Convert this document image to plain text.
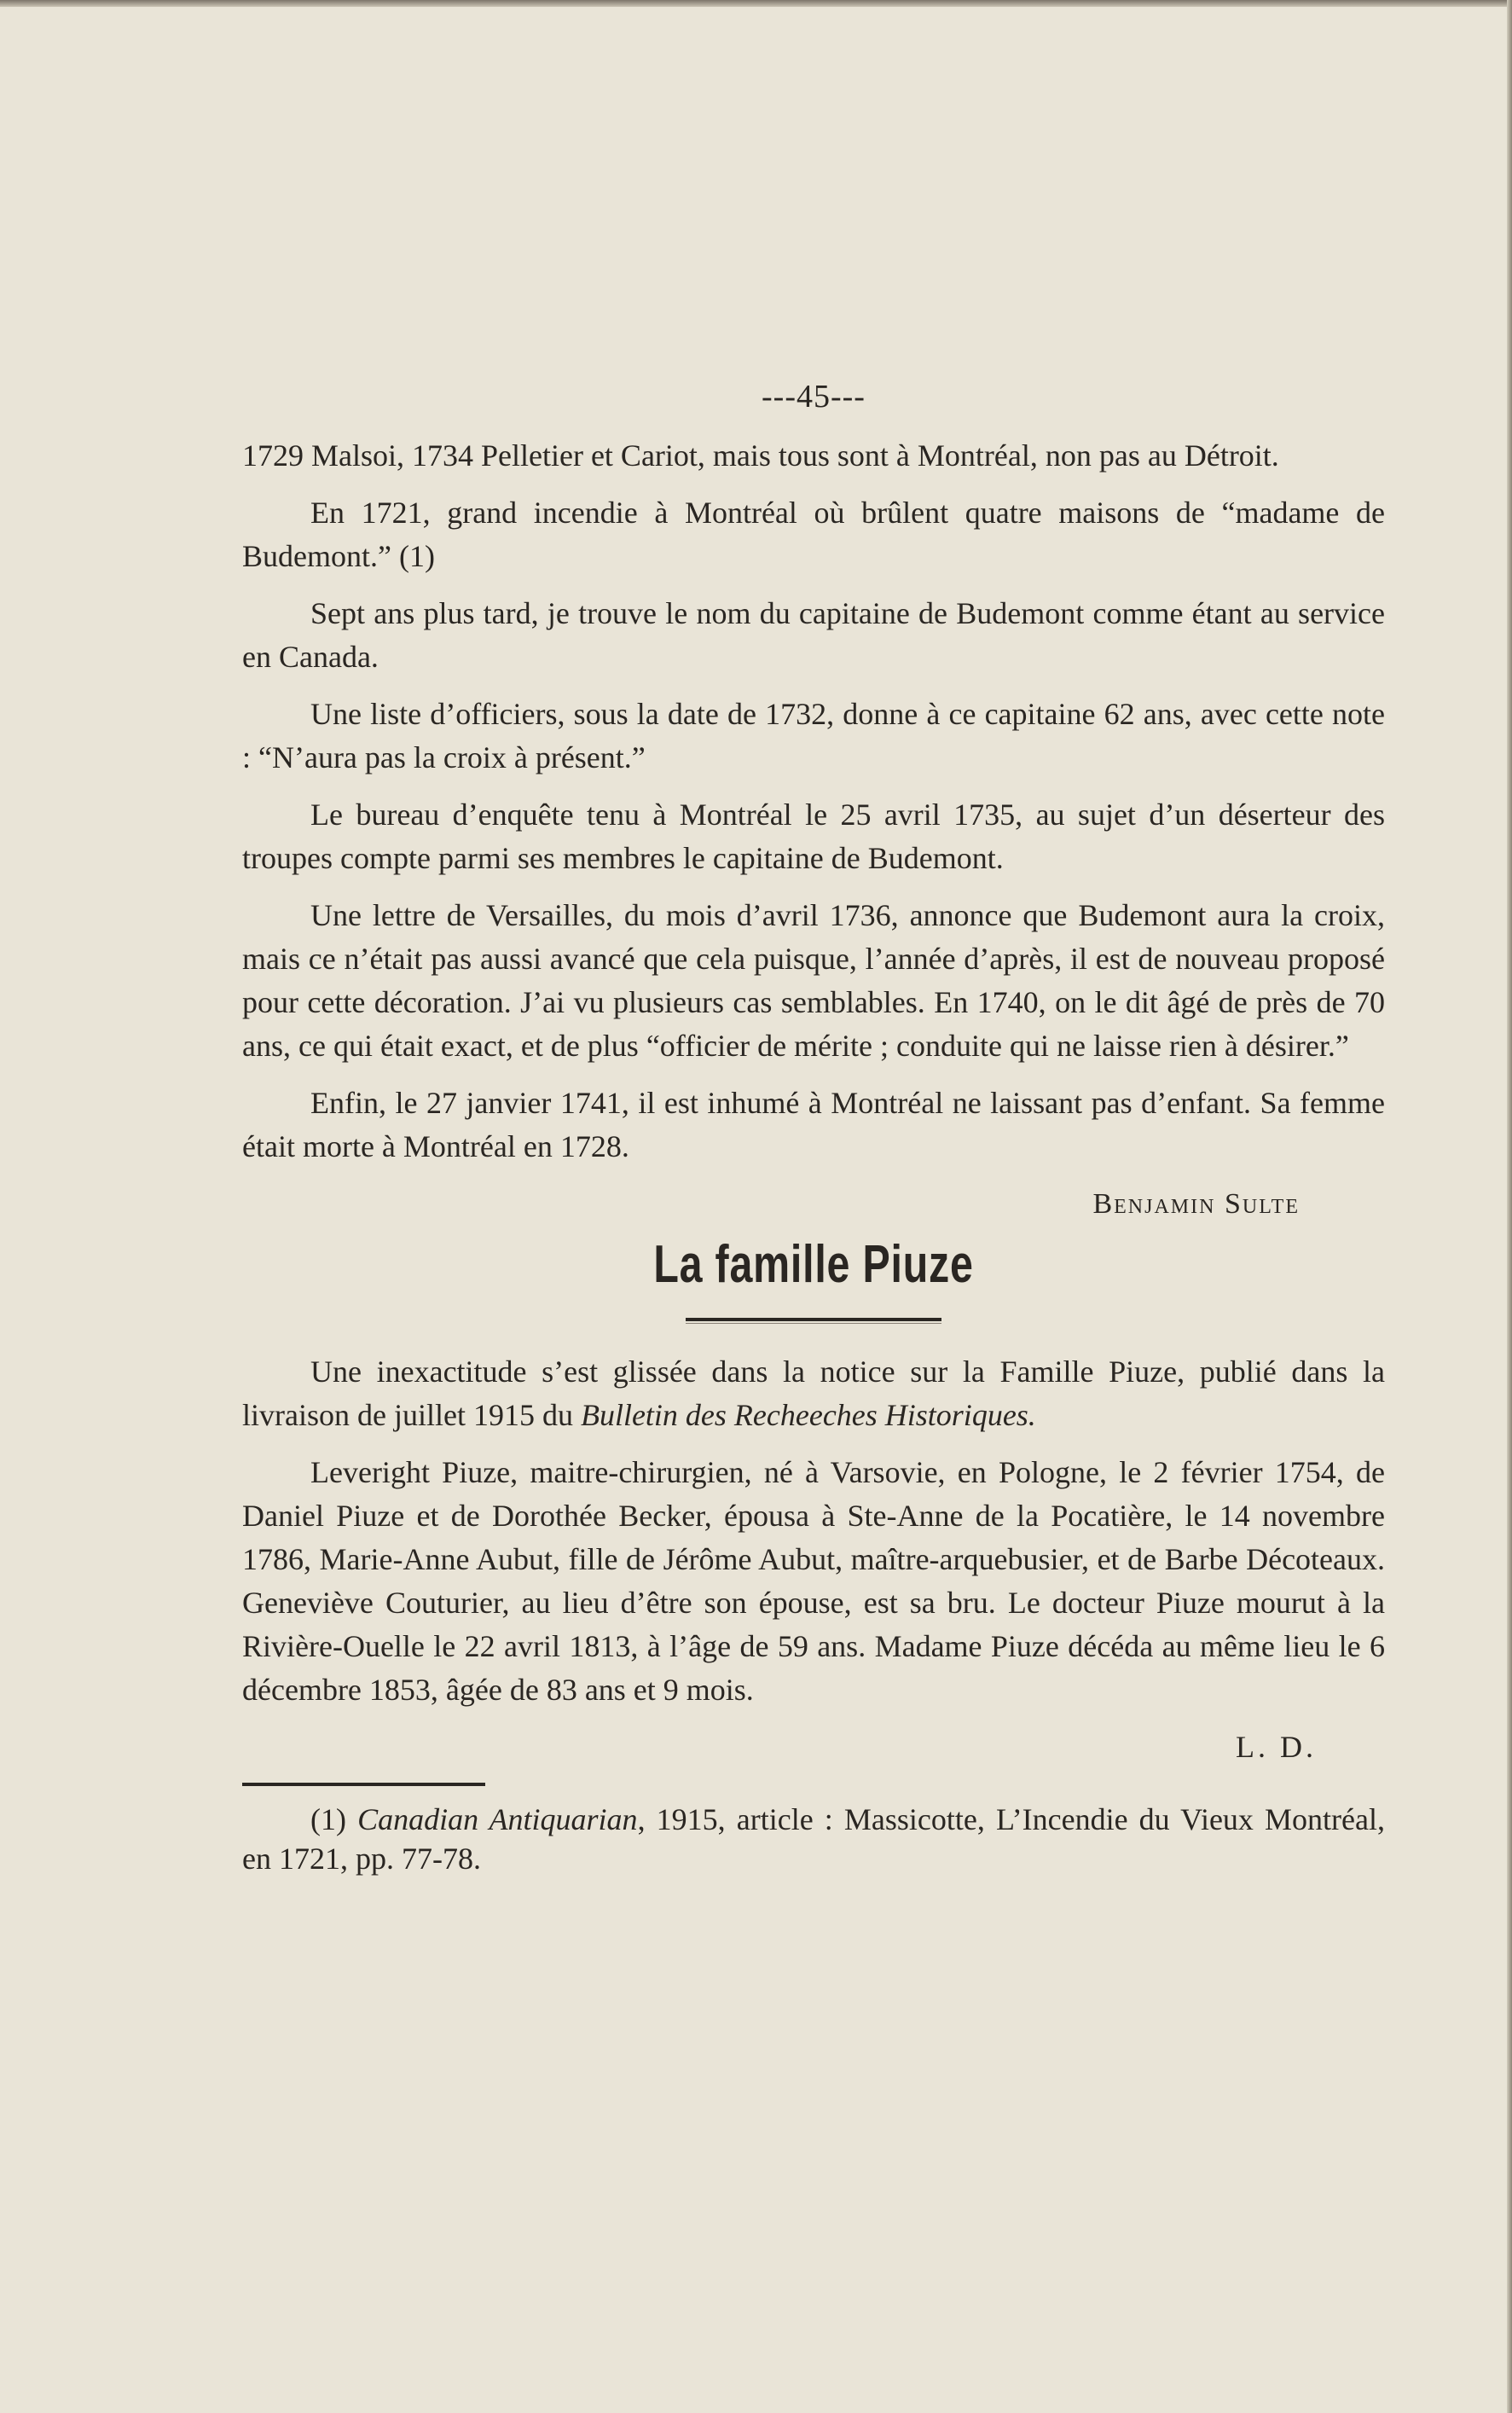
---45---

1729 Malsoi, 1734 Pelletier et Cariot, mais tous sont à Montréal, non pas au Détroit.

En 1721, grand incendie à Montréal où brûlent quatre maisons de “madame de Budemont.” (1)

Sept ans plus tard, je trouve le nom du capitaine de Budemont comme étant au service en Canada.

Une liste d’officiers, sous la date de 1732, donne à ce capitaine 62 ans, avec cette note : “N’aura pas la croix à présent.”

Le bureau d’enquête tenu à Montréal le 25 avril 1735, au sujet d’un déserteur des troupes compte parmi ses membres le capitaine de Budemont.

Une lettre de Versailles, du mois d’avril 1736, annonce que Budemont aura la croix, mais ce n’était pas aussi avancé que cela puisque, l’année d’après, il est de nouveau proposé pour cette décoration. J’ai vu plusieurs cas semblables. En 1740, on le dit âgé de près de 70 ans, ce qui était exact, et de plus “officier de mérite ; conduite qui ne laisse rien à désirer.”

Enfin, le 27 janvier 1741, il est inhumé à Montréal ne laissant pas d’enfant. Sa femme était morte à Montréal en 1728.

Benjamin Sulte
La famille Piuze

Une inexactitude s’est glissée dans la notice sur la Famille Piuze, publié dans la livraison de juillet 1915 du Bulletin des Recheeches Historiques.

Leveright Piuze, maitre-chirurgien, né à Varsovie, en Pologne, le 2 février 1754, de Daniel Piuze et de Dorothée Becker, épousa à Ste-Anne de la Pocatière, le 14 novembre 1786, Marie-Anne Aubut, fille de Jérôme Aubut, maître-arquebusier, et de Barbe Décoteaux. Geneviève Couturier, au lieu d’être son épouse, est sa bru. Le docteur Piuze mourut à la Rivière-Ouelle le 22 avril 1813, à l’âge de 59 ans. Madame Piuze décéda au même lieu le 6 décembre 1853, âgée de 83 ans et 9 mois.

L. D.

(1) Canadian Antiquarian, 1915, article : Massicotte, L’Incendie du Vieux Montréal, en 1721, pp. 77-78.
